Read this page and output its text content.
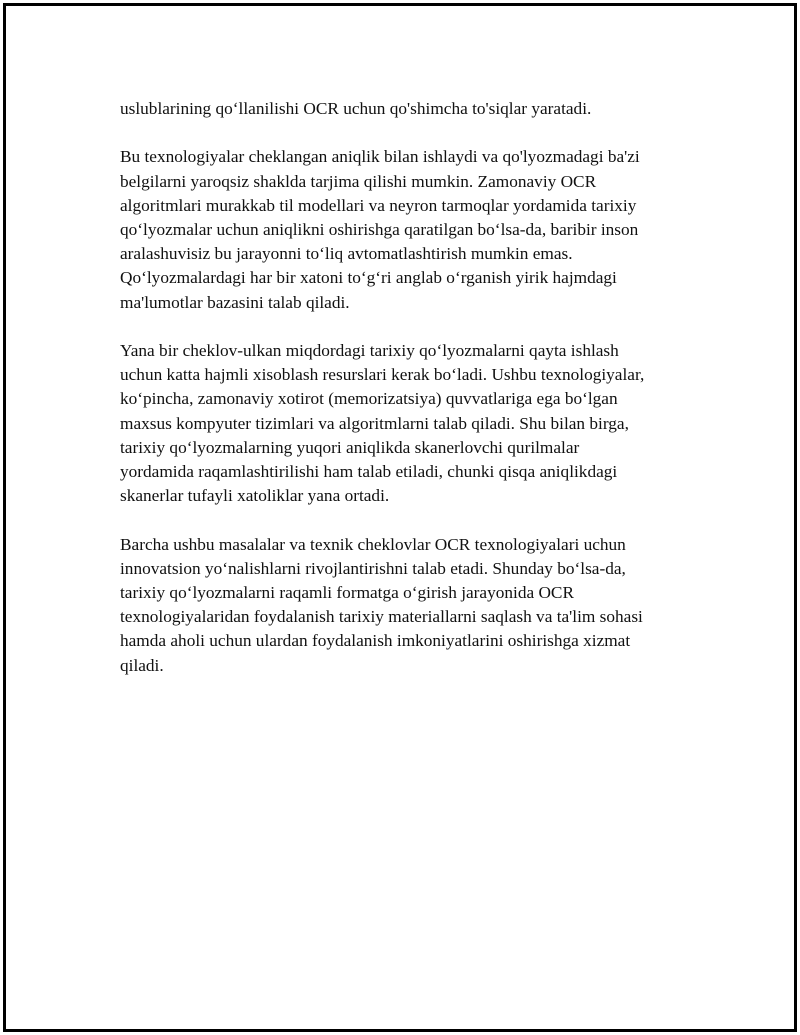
uslublarining qo‘llanilishi OCR uchun qo'shimcha to'siqlar yaratadi.

Bu texnologiyalar cheklangan aniqlik bilan ishlaydi va qo'lyozmadagi ba'zi
belgilarni yaroqsiz shaklda tarjima qilishi mumkin. Zamonaviy OCR
algoritmlari murakkab til modellari va neyron tarmoqlar yordamida tarixiy
qo‘lyozmalar uchun aniqlikni oshirishga qaratilgan bo‘lsa-da, baribir inson
aralashuvisiz bu jarayonni to‘liq avtomatlashtirish mumkin emas.
Qo‘lyozmalardagi har bir xatoni to‘g‘ri anglab o‘rganish yirik hajmdagi
ma'lumotlar bazasini talab qiladi.

Yana bir cheklov-ulkan miqdordagi tarixiy qo‘lyozmalarni qayta ishlash
uchun katta hajmli xisoblash resurslari kerak bo‘ladi. Ushbu texnologiyalar,
ko‘pincha, zamonaviy xotirot (memorizatsiya) quvvatlariga ega bo‘lgan
maxsus kompyuter tizimlari va algoritmlarni talab qiladi. Shu bilan birga,
tarixiy qo‘lyozmalarning yuqori aniqlikda skanerlovchi qurilmalar
yordamida raqamlashtirilishi ham talab etiladi, chunki qisqa aniqlikdagi
skanerlar tufayli xatoliklar yana ortadi.

Barcha ushbu masalalar va texnik cheklovlar OCR texnologiyalari uchun
innovatsion yo‘nalishlarni rivojlantirishni talab etadi. Shunday bo‘lsa-da,
tarixiy qo‘lyozmalarni raqamli formatga o‘girish jarayonida OCR
texnologiyalaridan foydalanish tarixiy materiallarni saqlash va ta'lim sohasi
hamda aholi uchun ulardan foydalanish imkoniyatlarini oshirishga xizmat
qiladi.
